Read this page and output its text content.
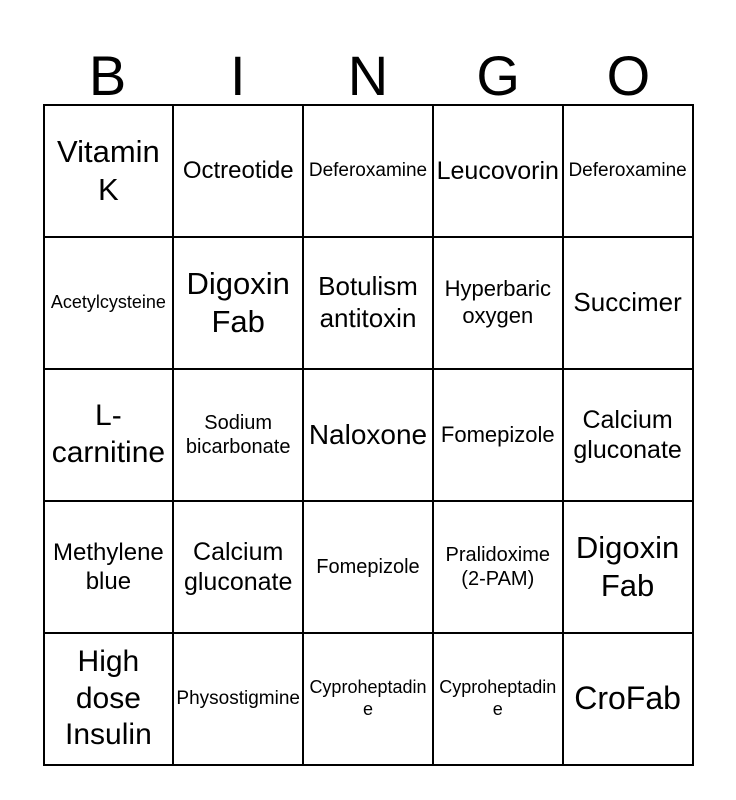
B I N G O
Vitamin K	Octreotide	Deferoxamine	Leucovorin	Deferoxamine
Acetylcysteine	Digoxin Fab	Botulism antitoxin	Hyperbaric oxygen	Succimer
L-carnitine	Sodium bicarbonate	Naloxone	Fomepizole	Calcium gluconate
Methylene blue	Calcium gluconate	Fomepizole	Pralidoxime (2-PAM)	Digoxin Fab
High dose Insulin	Physostigmine	Cyproheptadine	Cyproheptadine	CroFab
